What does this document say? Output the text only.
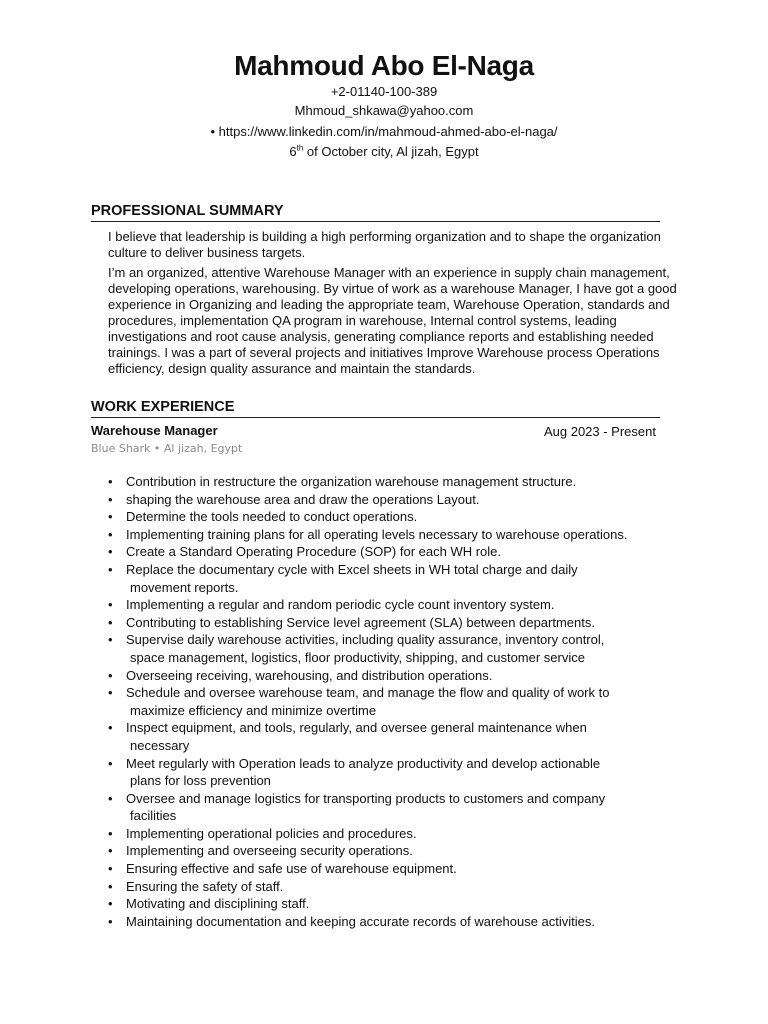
Mahmoud Abo El-Naga
+2-01140-100-389
Mhmoud_shkawa@yahoo.com
• https://www.linkedin.com/in/mahmoud-ahmed-abo-el-naga/
6th of October city, Al jizah, Egypt
PROFESSIONAL SUMMARY
I believe that leadership is building a high performing organization and to shape the organization culture to deliver business targets.
I’m an organized, attentive Warehouse Manager with an experience in supply chain management, developing operations, warehousing. By virtue of work as a warehouse Manager, I have got a good experience in Organizing and leading the appropriate team, Warehouse Operation, standards and procedures, implementation QA program in warehouse, Internal control systems, leading investigations and root cause analysis, generating compliance reports and establishing needed trainings. I was a part of several projects and initiatives Improve Warehouse process Operations efficiency, design quality assurance and maintain the standards.
WORK EXPERIENCE
Warehouse Manager	Aug 2023 - Present
Blue Shark • Al jizah, Egypt
• Contribution in restructure the organization warehouse management structure.
• shaping the warehouse area and draw the operations Layout.
• Determine the tools needed to conduct operations.
• Implementing training plans for all operating levels necessary to warehouse operations.
• Create a Standard Operating Procedure (SOP) for each WH role.
• Replace the documentary cycle with Excel sheets in WH total charge and daily
movement reports.
• Implementing a regular and random periodic cycle count inventory system.
• Contributing to establishing Service level agreement (SLA) between departments.
• Supervise daily warehouse activities, including quality assurance, inventory control,
space management, logistics, floor productivity, shipping, and customer service
• Overseeing receiving, warehousing, and distribution operations.
• Schedule and oversee warehouse team, and manage the flow and quality of work to
maximize efficiency and minimize overtime
• Inspect equipment, and tools, regularly, and oversee general maintenance when
necessary
• Meet regularly with Operation leads to analyze productivity and develop actionable
plans for loss prevention
• Oversee and manage logistics for transporting products to customers and company
facilities
• Implementing operational policies and procedures.
• Implementing and overseeing security operations.
• Ensuring effective and safe use of warehouse equipment.
• Ensuring the safety of staff.
• Motivating and disciplining staff.
• Maintaining documentation and keeping accurate records of warehouse activities.
